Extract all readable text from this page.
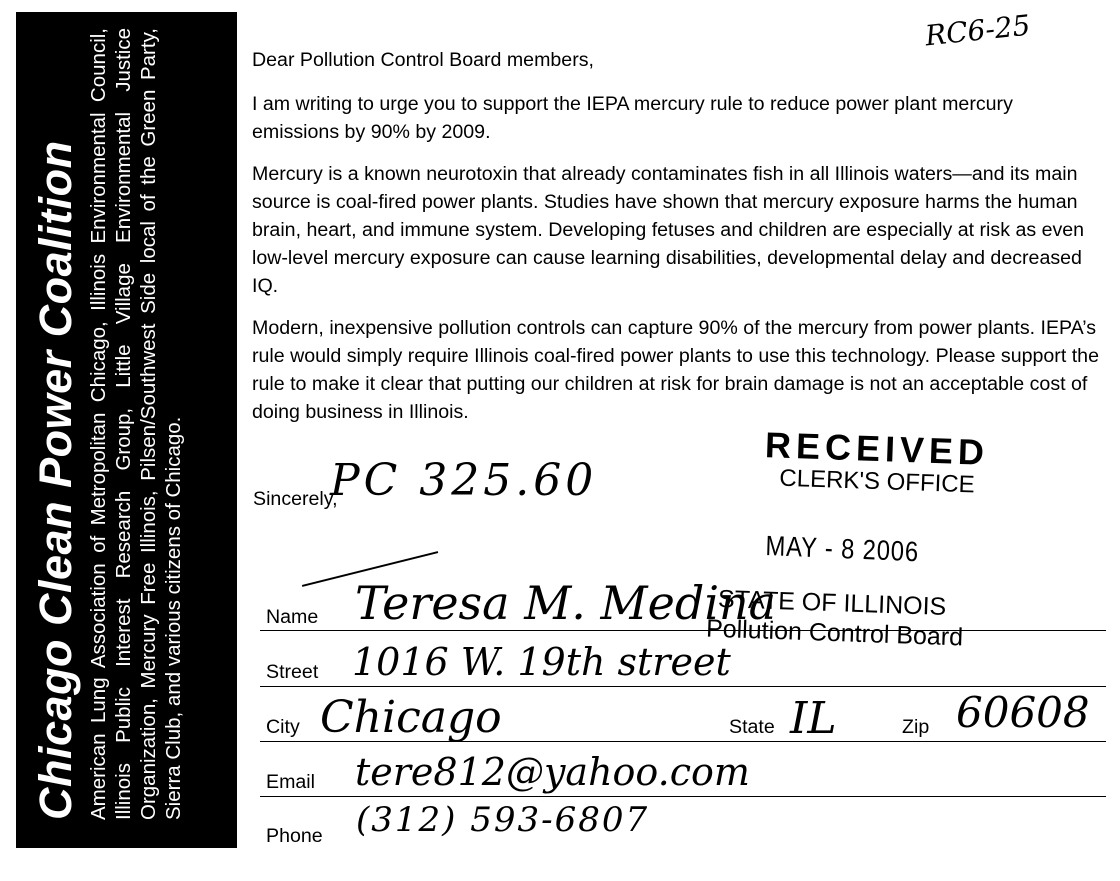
Chicago Clean Power Coalition American Lung Association of Metropolitan Chicago, Illinois Environmental Council, Illinois Public Interest Research Group, Little Village Environmental Justice Organization, Mercury Free Illinois, Pilsen/Southwest Side local of the Green Party, Sierra Club, and various citizens of Chicago.
RC6-25

Dear Pollution Control Board members,

I am writing to urge you to support the IEPA mercury rule to reduce power plant mercury emissions by 90% by 2009.

Mercury is a known neurotoxin that already contaminates fish in all Illinois waters—and its main source is coal-fired power plants. Studies have shown that mercury exposure harms the human brain, heart, and immune system. Developing fetuses and children are especially at risk as even low-level mercury exposure can cause learning disabilities, developmental delay and decreased IQ.

Modern, inexpensive pollution controls can capture 90% of the mercury from power plants. IEPA’s rule would simply require Illinois coal-fired power plants to use this technology. Please support the rule to make it clear that putting our children at risk for brain damage is not an acceptable cost of doing business in Illinois.

Sincerely,
PC 325.60
RECEIVED
CLERK'S OFFICE
MAY - 8 2006
STATE OF ILLINOIS
Pollution Control Board
Name Teresa M. Medina
Street 1016 W. 19th street
City Chicago	State IL	Zip 60608
Email tere812@yahoo.com
Phone (312) 593-6807
